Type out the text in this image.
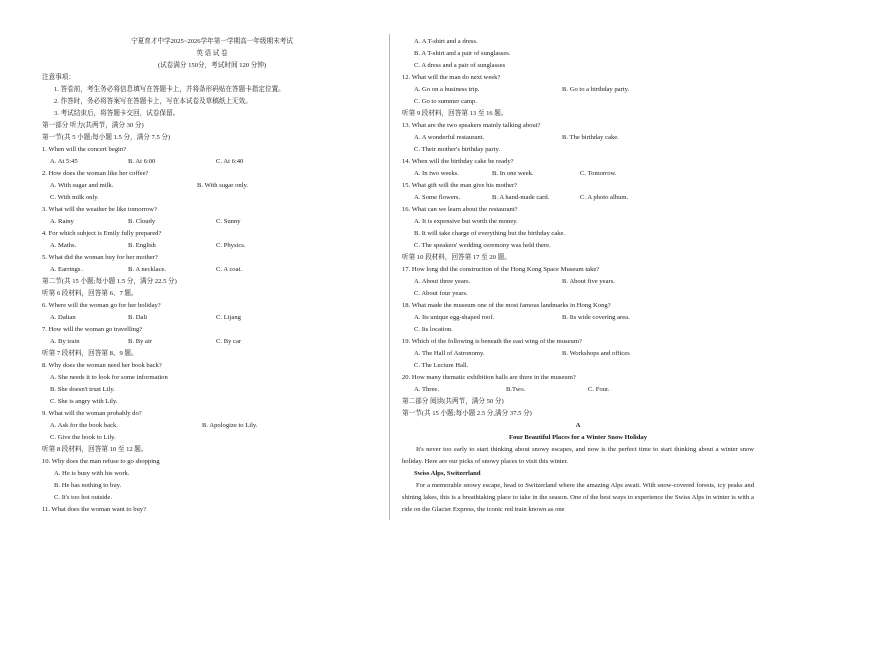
宁夏育才中学2025~2026学年第一学期高一年级期末考试
英 语 试 卷
(试卷满分 150分，考试时间 120 分钟)
注意事项：
1. 答卷前，考生务必将信息填写在答题卡上，并将条形码贴在答题卡指定位置。
2. 作答时，务必将答案写在答题卡上，写在本试卷及草稿纸上无效。
3. 考试结束后，将答题卡交回，试卷保留。
第一部分 听力(共两节，满分 30 分)
第一节(共 5 小题;每小题 1.5 分，满分 7.5 分)
1. When will the concert begin?
A. At 5:45	B. At 6:00	C. At 6:40
2. How does the woman like her coffee?
A. With sugar and milk.	B. With sugar only.
C. With milk only.
3. What will the weather be like tomorrow?
A. Rainy	B. Cloudy	C. Sunny
4. For which subject is Emily fully prepared?
A. Maths.	B. English	C. Physics.
5. What did the woman buy for her mother?
A. Earrings .	B. A necklace.	C. A coat.
第二节(共 15 小题;每小题 1.5 分，满分 22.5 分)
听第 6 段材料，回答第 6、7 题。
6. Where will the woman go for her holiday?
A. Dalian	B. Dali	C. Lijang
7. How will the woman go travelling?
A. By train	B. By air	C. By car
听第 7 段材料，回答第 8、9 题。
8. Why does the woman need her book back?
A. She needs it to look for some information
B. She doesn't trust Lily.
C. She is angry with Lily.
9. What will the woman probably do?
A. Ask for the book back.	B. Apologize to Lily.
C. Give the book to Lily.
听第 8 段材料，回答第 10 至 12 题。
10. Why does the man refuse to go shopping
A. He is busy with his work.
B. He has nothing to buy.
C. It's too hot outside.
11. What does the woman want to buy?
A. A T-shirt and a dress.
B. A T-shirt and a pair of sunglasses.
C. A dress and a pair of sunglasses
12. What will the man do next week?
A. Go on a business trip.	B. Go to a birthday party.
C. Go to summer camp.
听第 9 段材料，回答第 13 至 16 题。
13. What are the two speakers mainly talking about?
A. A wonderful restaurant.	B. The birthday cake.
C. Their mother's birthday party.
14. When will the birthday cake be ready?
A. In two weeks.	B. In one week.	C. Tomorrow.
15. What gift will the man give his mother?
A. Some flowers.	B. A hand-made card.	C. A photo album.
16. What can we learn about the restaurant?
A. It is expensive but worth the money.
B. It will take charge of everything but the birthday cake.
C. The speakers' wedding ceremony was held there.
听第 10 段材料，回答第 17 至 20 题。
17. How long did the construction of the Hong Kong Space Museum take?
A. About three years.	B. About five years.
C. About four years.
18. What made the museum one of the most famous landmarks in Hong Kong?
A. Its unique egg-shaped roof.	B. Its wide covering area.
C. Its location.
19. Which of the following is beneath the east wing of the museum?
A. The Hall of Astronomy.	B. Workshops and offices
C. The Lecture Hall.
20. How many thematic exhibition halls are there in the museum?
A. Three.	B.Two.	C. Four.
第二部分 阅读(共两节，满分 50 分)
第一节(共 15 小题;每小题 2.5 分,满分 37.5 分)
A
Four Beautiful Places for a Winter Snow Holiday
It's never too early to start thinking about snowy escapes, and now is the perfect time to start thinking about a winter snow holiday. Here are our picks of snowy places to visit this winter.
Swiss Alps, Switzerland
For a memorable snowy escape, head to Switzerland where the amazing Alps await. With snow-covered forests, icy peaks and shining lakes, this is a breathtaking place to take in the season. One of the best ways to experience the Swiss Alps in winter is with a ride on the Glacier Express, the iconic red train known as one
